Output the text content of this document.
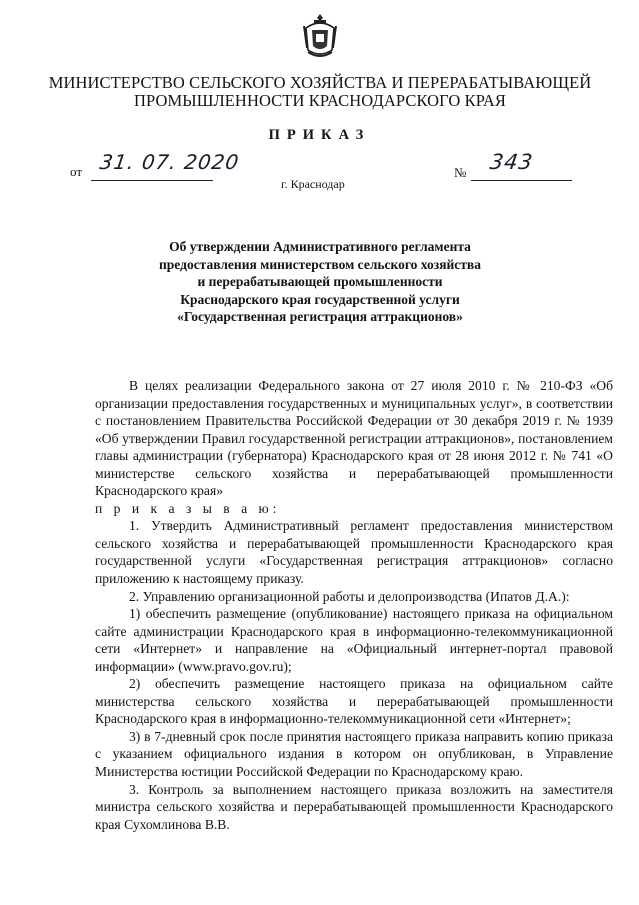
МИНИСТЕРСТВО СЕЛЬСКОГО ХОЗЯЙСТВА И ПЕРЕРАБАТЫВАЮЩЕЙ
ПРОМЫШЛЕННОСТИ КРАСНОДАРСКОГО КРАЯ
ПРИКАЗ
от 31. 07. 2020	№ 343
г. Краснодар
Об утверждении Административного регламента
предоставления министерством сельского хозяйства
и перерабатывающей промышленности
Краснодарского края государственной услуги
«Государственная регистрация аттракционов»

В целях реализации Федерального закона от 27 июля 2010 г. № 210-ФЗ «Об организации предоставления государственных и муниципальных услуг», в соответствии с постановлением Правительства Российской Федерации от 30 декабря 2019 г. № 1939 «Об утверждении Правил государственной регистрации аттракционов», постановлением главы администрации (губернатора) Краснодарского края от 28 июня 2012 г. № 741 «О министерстве сельского хозяйства и перерабатывающей промышленности Краснодарского края»

п р и к а з ы в а ю:

1. Утвердить Административный регламент предоставления министерством сельского хозяйства и перерабатывающей промышленности Краснодарского края государственной услуги «Государственная регистрация аттракционов» согласно приложению к настоящему приказу.

2. Управлению организационной работы и делопроизводства (Ипатов Д.А.):

1) обеспечить размещение (опубликование) настоящего приказа на официальном сайте администрации Краснодарского края в информационно-телекоммуникационной сети «Интернет» и направление на «Официальный интернет-портал правовой информации» (www.pravo.gov.ru);

2) обеспечить размещение настоящего приказа на официальном сайте министерства сельского хозяйства и перерабатывающей промышленности Краснодарского края в информационно-телекоммуникационной сети «Интернет»;

3) в 7-дневный срок после принятия настоящего приказа направить копию приказа с указанием официального издания в котором он опубликован, в Управление Министерства юстиции Российской Федерации по Краснодарскому краю.

3. Контроль за выполнением настоящего приказа возложить на заместителя министра сельского хозяйства и перерабатывающей промышленности Краснодарского края Сухомлинова В.В.
